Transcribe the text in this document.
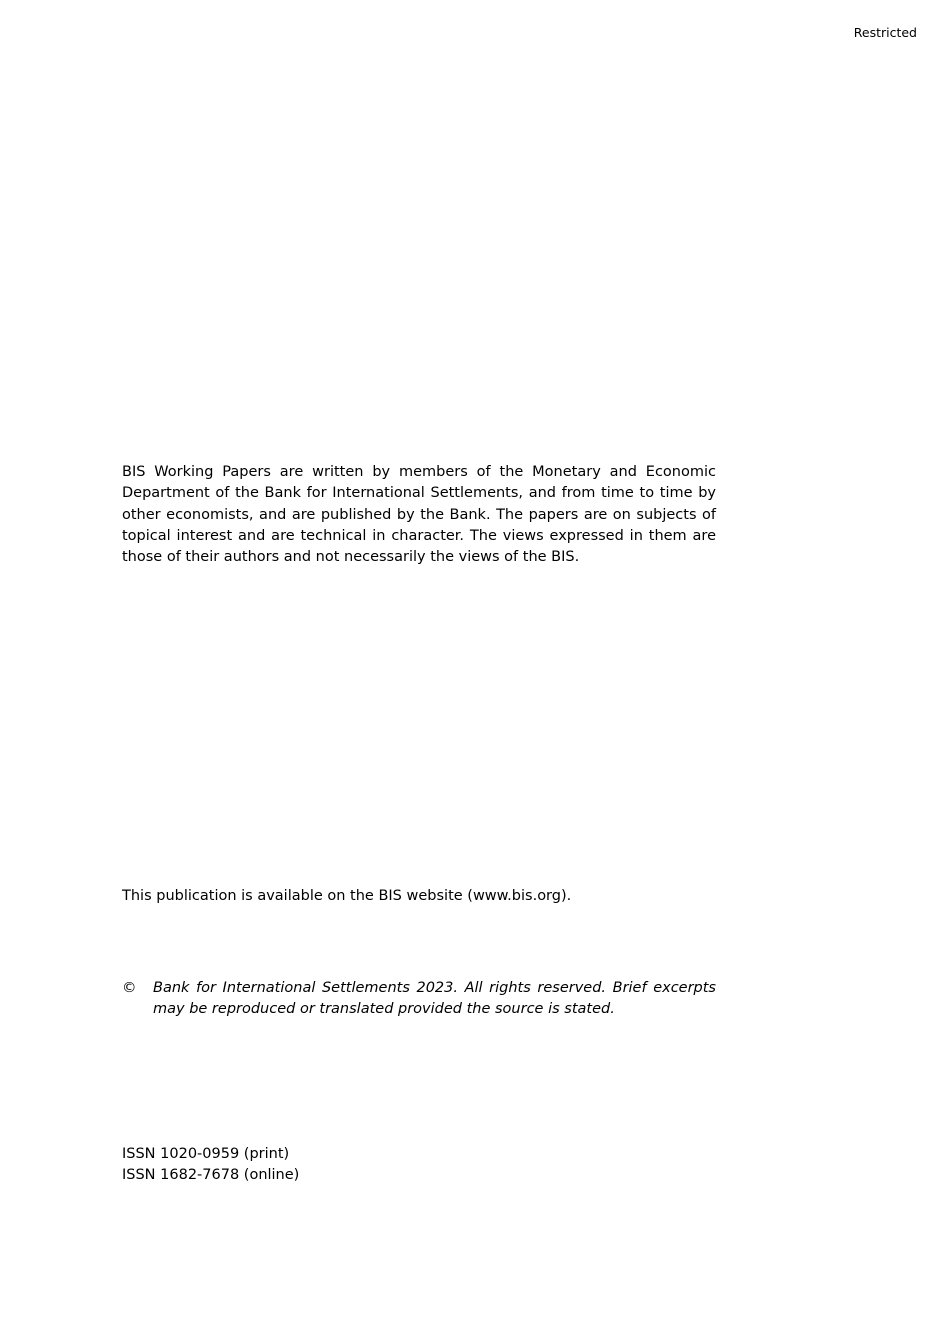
Restricted

BIS Working Papers are written by members of the Monetary and Economic Department of the Bank for International Settlements, and from time to time by other economists, and are published by the Bank. The papers are on subjects of topical interest and are technical in character. The views expressed in them are those of their authors and not necessarily the views of the BIS.

This publication is available on the BIS website (www.bis.org).

© Bank for International Settlements 2023. All rights reserved. Brief excerpts may be reproduced or translated provided the source is stated.

ISSN 1020-0959 (print)
ISSN 1682-7678 (online)
